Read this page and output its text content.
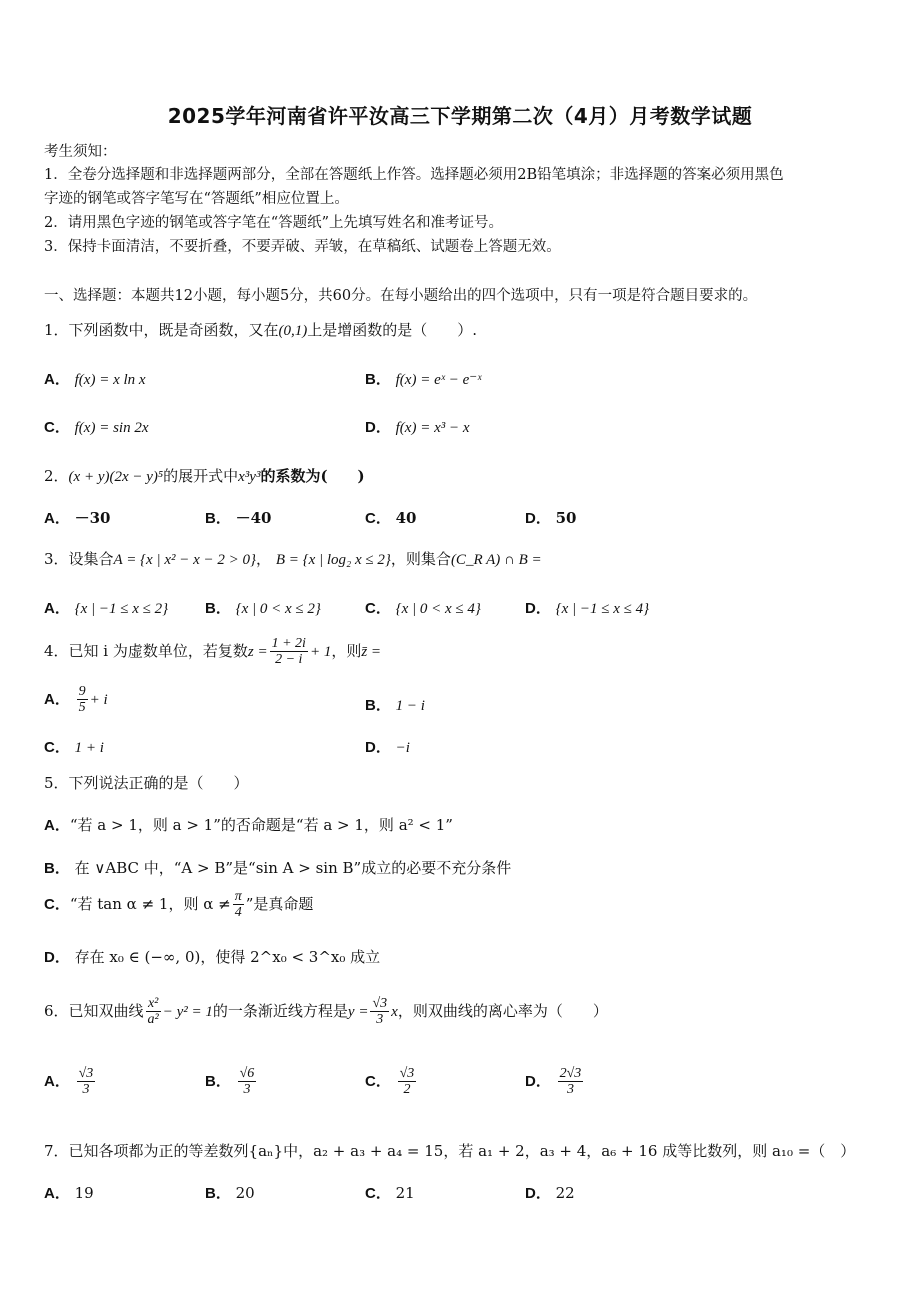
2025学年河南省许平汝高三下学期第二次（4月）月考数学试题
考生须知：
1．全卷分选择题和非选择题两部分，全部在答题纸上作答。选择题必须用2B铅笔填涂；非选择题的答案必须用黑色
字迹的钢笔或答字笔写在“答题纸”相应位置上。
2．请用黑色字迹的钢笔或答字笔在“答题纸”上先填写姓名和准考证号。
3．保持卡面清洁，不要折叠，不要弄破、弄皱，在草稿纸、试题卷上答题无效。
一、选择题：本题共12小题，每小题5分，共60分。在每小题给出的四个选项中，只有一项是符合题目要求的。
1．下列函数中，既是奇函数，又在(0,1)上是增函数的是（　　）.
A． f(x) = x ln x	B． f(x) = eˣ − e⁻ˣ
C． f(x) = sin 2x	D． f(x) = x³ − x
2．(x + y)(2x − y)⁵的展开式中x³y³的系数为(　　)
A． －30	B． －40	C． 40	D． 50
3．设集合A = {x | x² − x − 2 > 0}， B = {x | log₂ x ≤ 2}，则集合(C_R A) ∩ B =
A． {x | −1 ≤ x ≤ 2} B． {x | 0 < x ≤ 2}	C． {x | 0 < x ≤ 4}	D． {x | −1 ≤ x ≤ 4}
4．已知 i 为虚数单位，若复数$z = \frac{1 + 2i}{2 - i} + 1$，则z̄ =
A． $\frac{9}{5} + i$	B． 1 − i
C． 1 + i	D． −i
5．下列说法正确的是（　　）
A．“若 a > 1，则 a > 1”的否命题是“若 a > 1，则 a² < 1”
B． 在 ∨ABC 中，“A > B”是“sin A > sin B”成立的必要不充分条件
C．“若 tan α ≠ 1，则 $\alpha \ne \frac{\pi}{4}$ ”是真命题
D． 存在 x₀ ∈ (−∞, 0)，使得 2^x₀ < 3^x₀ 成立
6．已知双曲线 $\frac{\text{x²}}{\text{a²}} - y^2 = 1$的一条渐近线方程是$y = \frac{√3}{3}$ x，则双曲线的离心率为（　　）
A． $\frac{√3}{3}$	B． $\frac{√6}{3}$	C． $\frac{√3}{2}$	D． $\frac{2√3}{3}$
7．已知各项都为正的等差数列{aₙ}中，a₂ + a₃ + a₄ = 15，若 a₁ + 2，a₃ + 4，a₆ + 16 成等比数列，则 a₁₀ =（　）
A． 19	B． 20	C． 21	D． 22
